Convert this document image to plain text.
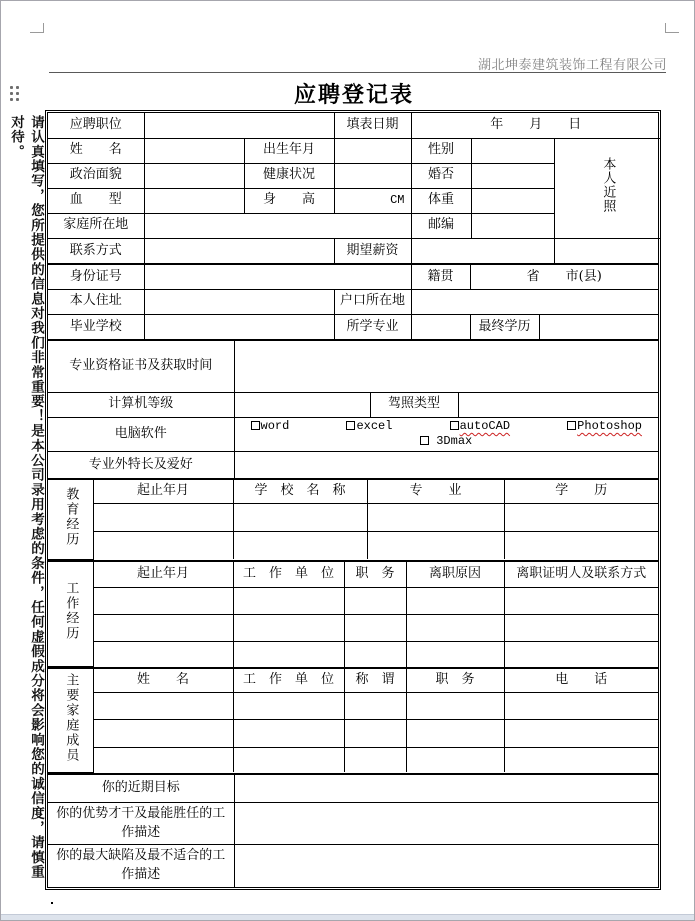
湖北坤泰建筑装饰工程有限公司
应聘登记表
请认真填写，您所提供的信息对我们非常重要！是本公司录用考虑的条件，任何虚假成分将会影响您的诚信度，请慎重对待。	应聘职位			填表日期	年　　月　　日		
姓　　名		出生年月		性别		本人近照
政治面貌		健康状况		婚否		
血　　型		身　　高	CM	体重		
家庭所在地				邮编		
联系方式			期望薪资			
身份证号			籍贯	省　　市(县)	
本人住址		户口所在地			
毕业学校		所学专业		最终学历	
专业资格证书及获取时间			
计算机等级		驾照类型	
电脑软件	word excel autoCAD Photoshop
3Dmax		

专业外特长及爱好			
教育经历	起止年月	学　校　名　称	专　　业	学　　历

工作经历	起止年月	工　作　单　位	职　务	离职原因	离职证明人及联系方式

主要家庭成员	姓　　名	工　作　单　位	称　谓	职　务	电　　话

你的近期目标	
你的优势才干及最能胜任的工作描述	
你的最大缺陷及最不适合的工作描述	
